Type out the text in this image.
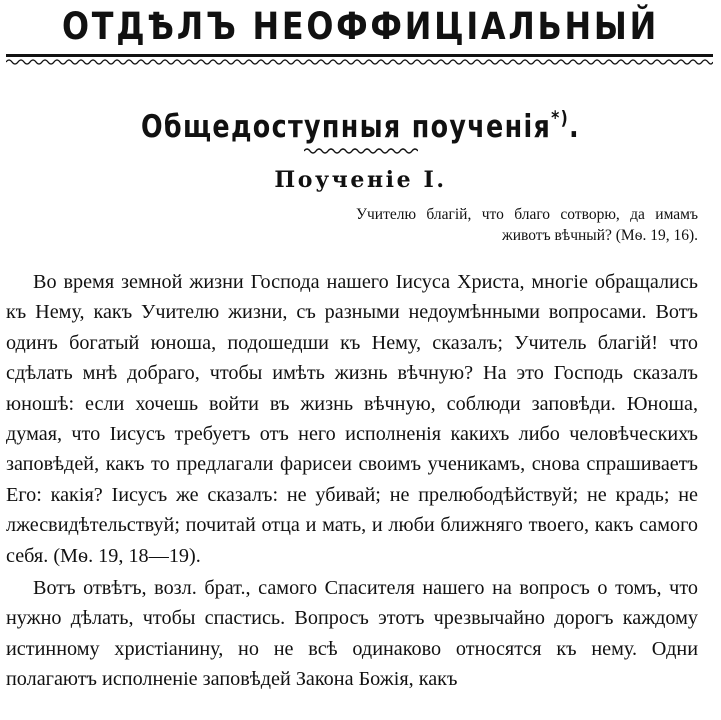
ОТДѢЛЪ НЕОФФИЦІАЛЬНЫЙ
Общедоступныя поученія*).
Поученіе I.
Учителю благій, что благо сотворю, да имамъ животъ вѣчный? (Мѳ. 19, 16).

Во время земной жизни Господа нашего Іисуса Христа, многіе обращались къ Нему, какъ Учителю жизни, съ разными недоумѣнными вопросами. Вотъ одинъ богатый юноша, подошедши къ Нему, сказалъ; Учитель благій! что сдѣлать мнѣ добраго, чтобы имѣть жизнь вѣчную? На это Господь сказалъ юношѣ: если хочешь войти въ жизнь вѣчную, соблюди заповѣди. Юноша, думая, что Іисусъ требуетъ отъ него исполненія какихъ либо человѣческихъ заповѣдей, какъ то предлагали фарисеи своимъ ученикамъ, снова спрашиваетъ Его: какія? Іисусъ же сказалъ: не убивай; не прелюбодѣйствуй; не крадь; не лжесвидѣтельствуй; почитай отца и мать, и люби ближняго твоего, какъ самого себя. (Мѳ. 19, 18—19).

Вотъ отвѣтъ, возл. брат., самого Спасителя нашего на вопросъ о томъ, что нужно дѣлать, чтобы спастись. Вопросъ этотъ чрезвычайно дорогъ каждому истинному христіанину, но не всѣ одинаково относятся къ нему. Одни полагаютъ исполненіе заповѣдей Закона Божія, какъ
